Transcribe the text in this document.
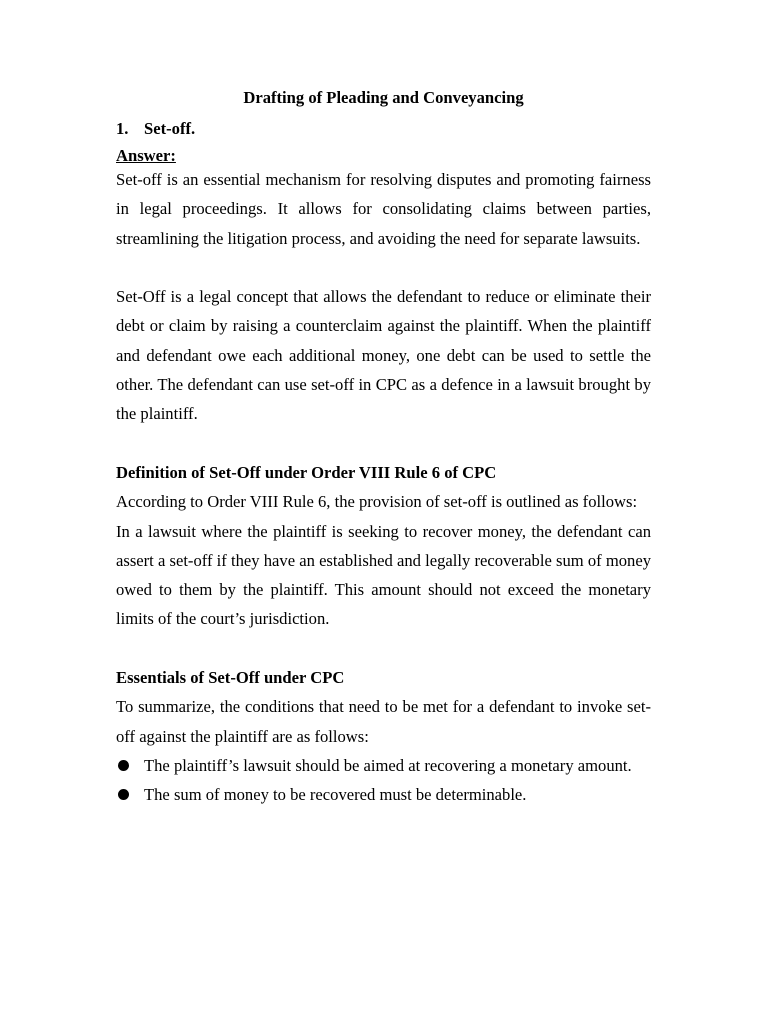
Drafting of Pleading and Conveyancing

1. Set-off.

Answer:

Set-off is an essential mechanism for resolving disputes and promoting fairness in legal proceedings. It allows for consolidating claims between parties, streamlining the litigation process, and avoiding the need for separate lawsuits.

Set-Off is a legal concept that allows the defendant to reduce or eliminate their debt or claim by raising a counterclaim against the plaintiff. When the plaintiff and defendant owe each additional money, one debt can be used to settle the other. The defendant can use set-off in CPC as a defence in a lawsuit brought by the plaintiff.

Definition of Set-Off under Order VIII Rule 6 of CPC

According to Order VIII Rule 6, the provision of set-off is outlined as follows:

In a lawsuit where the plaintiff is seeking to recover money, the defendant can assert a set-off if they have an established and legally recoverable sum of money owed to them by the plaintiff. This amount should not exceed the monetary limits of the court’s jurisdiction.

Essentials of Set-Off under CPC

To summarize, the conditions that need to be met for a defendant to invoke set-off against the plaintiff are as follows:

The plaintiff’s lawsuit should be aimed at recovering a monetary amount.
The sum of money to be recovered must be determinable.
